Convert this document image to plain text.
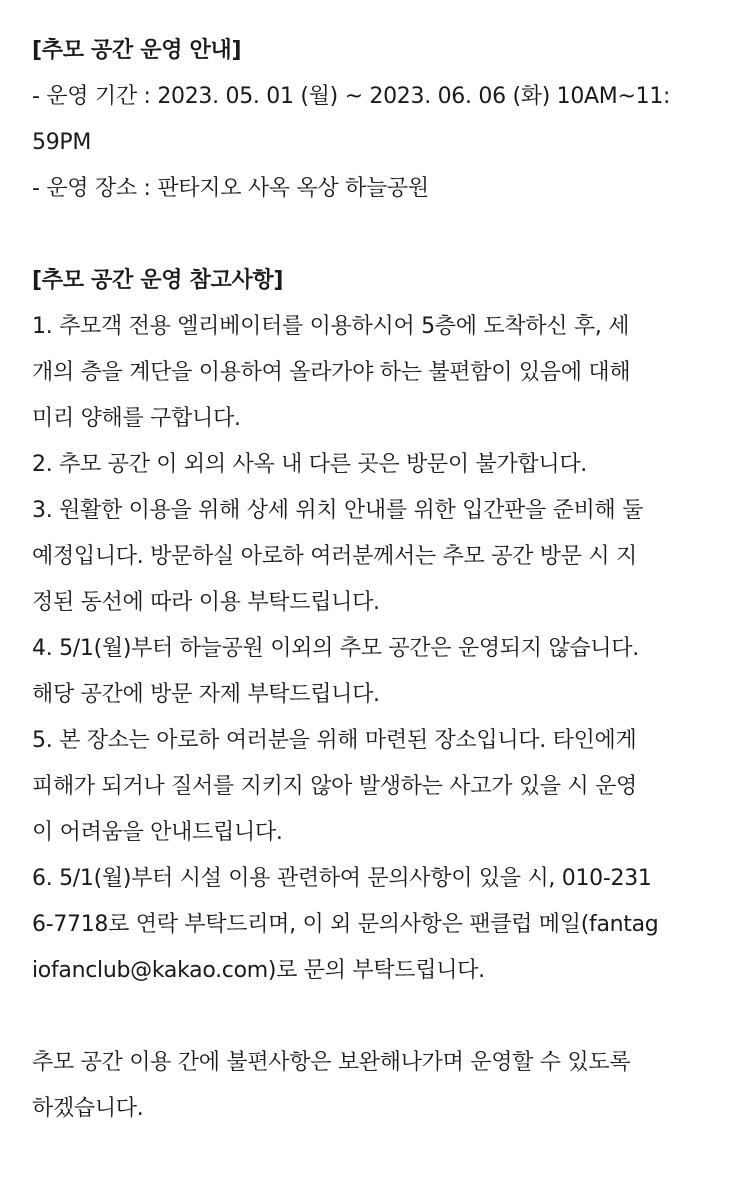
[추모 공간 운영 안내]
- 운영 기간 : 2023. 05. 01 (월) ~ 2023. 06. 06 (화) 10AM~11:
59PM
- 운영 장소 : 판타지오 사옥 옥상 하늘공원
[추모 공간 운영 참고사항]
1. 추모객 전용 엘리베이터를 이용하시어 5층에 도착하신 후, 세
개의 층을 계단을 이용하여 올라가야 하는 불편함이 있음에 대해
미리 양해를 구합니다.
2. 추모 공간 이 외의 사옥 내 다른 곳은 방문이 불가합니다.
3. 원활한 이용을 위해 상세 위치 안내를 위한 입간판을 준비해 둘
예정입니다. 방문하실 아로하 여러분께서는 추모 공간 방문 시 지
정된 동선에 따라 이용 부탁드립니다.
4. 5/1(월)부터 하늘공원 이외의 추모 공간은 운영되지 않습니다.
해당 공간에 방문 자제 부탁드립니다.
5. 본 장소는 아로하 여러분을 위해 마련된 장소입니다. 타인에게
피해가 되거나 질서를 지키지 않아 발생하는 사고가 있을 시 운영
이 어려움을 안내드립니다.
6. 5/1(월)부터 시설 이용 관련하여 문의사항이 있을 시, 010-231
6-7718로 연락 부탁드리며, 이 외 문의사항은 팬클럽 메일(fantag
iofanclub@kakao.com)로 문의 부탁드립니다.
추모 공간 이용 간에 불편사항은 보완해나가며 운영할 수 있도록
하겠습니다.
